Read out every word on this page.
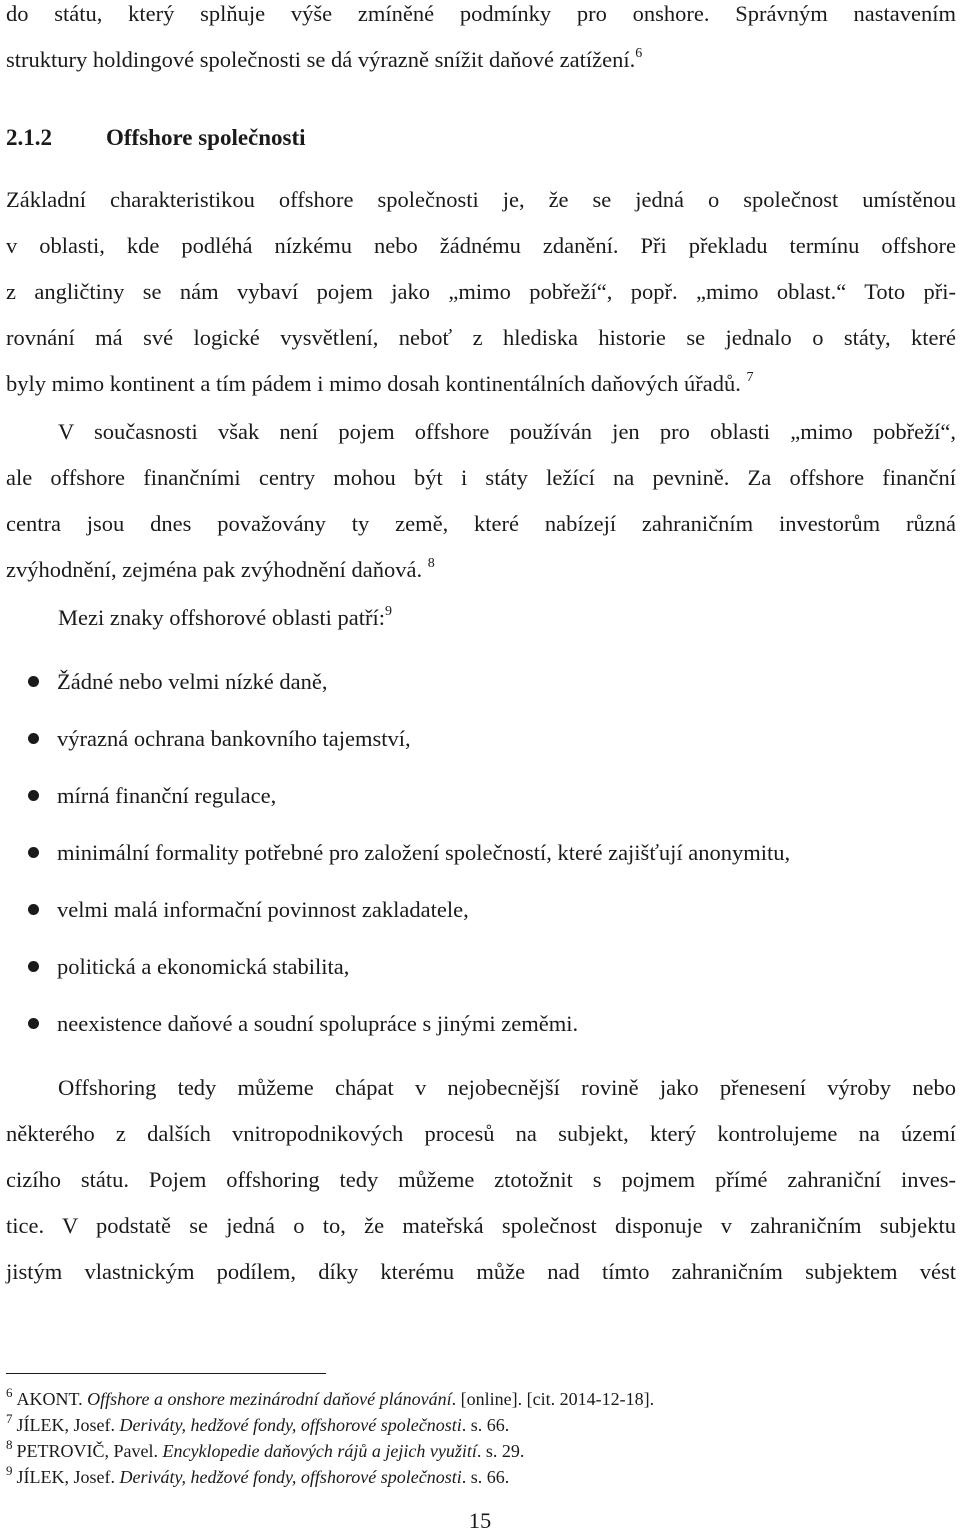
do státu, který splňuje výše zmíněné podmínky pro onshore. Správným nastavením
struktury holdingové společnosti se dá výrazně snížit daňové zatížení.$^6$
2.1.2 Offshore společnosti
Základní charakteristikou offshore společnosti je, že se jedná o společnost umístěnou
v oblasti, kde podléhá nízkému nebo žádnému zdanění. Při překladu termínu offshore
z angličtiny se nám vybaví pojem jako „mimo pobřeží“, popř. „mimo oblast.“ Toto při-
rovnání má své logické vysvětlení, neboť z hlediska historie se jednalo o státy, které
byly mimo kontinent a tím pádem i mimo dosah kontinentálních daňových úřadů. $^7$
V současnosti však není pojem offshore používán jen pro oblasti „mimo pobřeží“,
ale offshore finančními centry mohou být i státy ležící na pevnině. Za offshore finanční
centra jsou dnes považovány ty země, které nabízejí zahraničním investorům různá
zvýhodnění, zejména pak zvýhodnění daňová. $^8$
Mezi znaky offshorové oblasti patří:$^9$
Žádné nebo velmi nízké daně,
výrazná ochrana bankovního tajemství,
mírná finanční regulace,
minimální formality potřebné pro založení společností, které zajišťují anonymitu,
velmi malá informační povinnost zakladatele,
politická a ekonomická stabilita,
neexistence daňové a soudní spolupráce s jinými zeměmi.
Offshoring tedy můžeme chápat v nejobecnější rovině jako přenesení výroby nebo
některého z dalších vnitropodnikových procesů na subjekt, který kontrolujeme na území
cizího státu. Pojem offshoring tedy můžeme ztotožnit s pojmem přímé zahraniční inves-
tice. V podstatě se jedná o to, že mateřská společnost disponuje v zahraničním subjektu
jistým vlastnickým podílem, díky kterému může nad tímto zahraničním subjektem vést
$^6$ AKONT. Offshore a onshore mezinárodní daňové plánování. [online]. [cit. 2014-12-18].
$^7$ JÍLEK, Josef. Deriváty, hedžové fondy, offshorové společnosti. s. 66.
$^8$ PETROVIČ, Pavel. Encyklopedie daňových rájů a jejich využití. s. 29.
$^9$ JÍLEK, Josef. Deriváty, hedžové fondy, offshorové společnosti. s. 66.
15
